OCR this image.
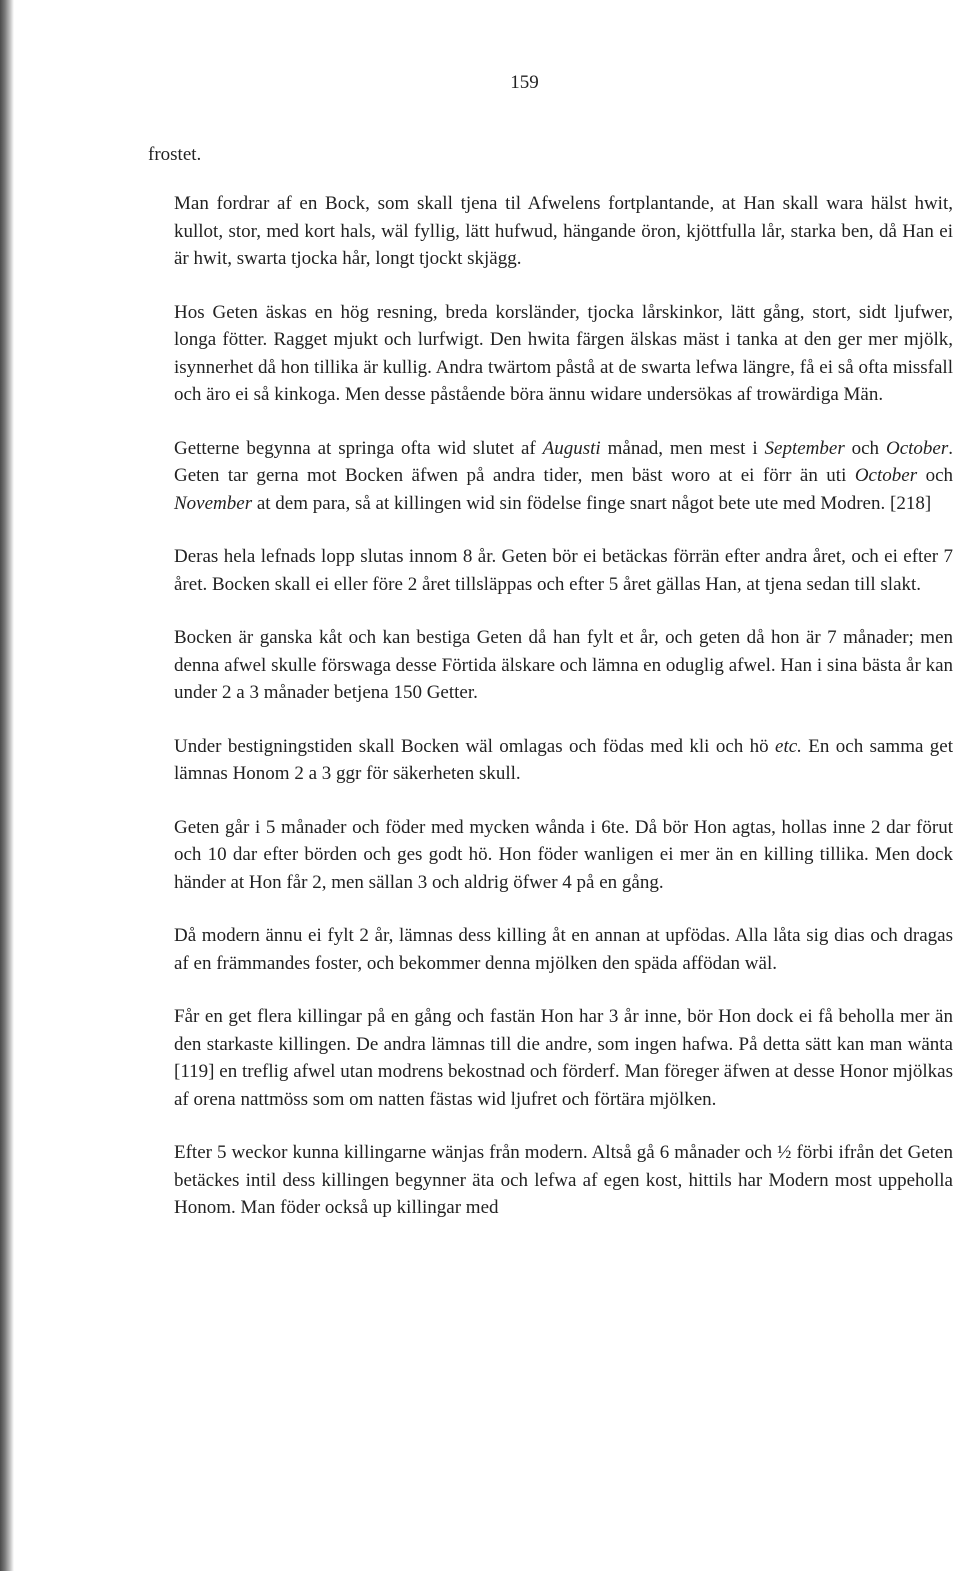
159

frostet.

Man fordrar af en Bock, som skall tjena til Afwelens fortplantande, at Han skall wara hälst hwit, kullot, stor, med kort hals, wäl fyllig, lätt hufwud, hängande öron, kjöttfulla lår, starka ben, då Han ei är hwit, swarta tjocka hår, longt tjockt skjägg.

Hos Geten äskas en hög resning, breda korsländer, tjocka lårskinkor, lätt gång, stort, sidt ljufwer, longa fötter. Ragget mjukt och lurfwigt. Den hwita färgen älskas mäst i tanka at den ger mer mjölk, isynnerhet då hon tillika är kullig. Andra twärtom påstå at de swarta lefwa längre, få ei så ofta missfall och äro ei så kinkoga. Men desse påstående böra ännu widare undersökas af trowärdiga Män.

Getterne begynna at springa ofta wid slutet af Augusti månad, men mest i September och October. Geten tar gerna mot Bocken äfwen på andra tider, men bäst woro at ei förr än uti October och November at dem para, så at killingen wid sin födelse finge snart något bete ute med Modren. [218]

Deras hela lefnads lopp slutas innom 8 år. Geten bör ei betäckas förrän efter andra året, och ei efter 7 året. Bocken skall ei eller före 2 året tillsläppas och efter 5 året gällas Han, at tjena sedan till slakt.

Bocken är ganska kåt och kan bestiga Geten då han fylt et år, och geten då hon är 7 månader; men denna afwel skulle förswaga desse Förtida älskare och lämna en oduglig afwel. Han i sina bästa år kan under 2 a 3 månader betjena 150 Getter.

Under bestigningstiden skall Bocken wäl omlagas och födas med kli och hö etc. En och samma get lämnas Honom 2 a 3 ggr för säkerheten skull.

Geten går i 5 månader och föder med mycken wånda i 6te. Då bör Hon agtas, hollas inne 2 dar förut och 10 dar efter börden och ges godt hö. Hon föder wanligen ei mer än en killing tillika. Men dock händer at Hon får 2, men sällan 3 och aldrig öfwer 4 på en gång.

Då modern ännu ei fylt 2 år, lämnas dess killing åt en annan at upfödas. Alla låta sig dias och dragas af en främmandes foster, och bekommer denna mjölken den späda affödan wäl.

Får en get flera killingar på en gång och fastän Hon har 3 år inne, bör Hon dock ei få beholla mer än den starkaste killingen. De andra lämnas till die andre, som ingen hafwa. På detta sätt kan man wänta [119] en treflig afwel utan modrens bekostnad och förderf. Man föreger äfwen at desse Honor mjölkas af orena nattmöss som om natten fästas wid ljufret och förtära mjölken.

Efter 5 weckor kunna killingarne wänjas från modern. Altså gå 6 månader och ½ förbi ifrån det Geten betäckes intil dess killingen begynner äta och lefwa af egen kost, hittils har Modern most uppeholla Honom. Man föder också up killingar med
